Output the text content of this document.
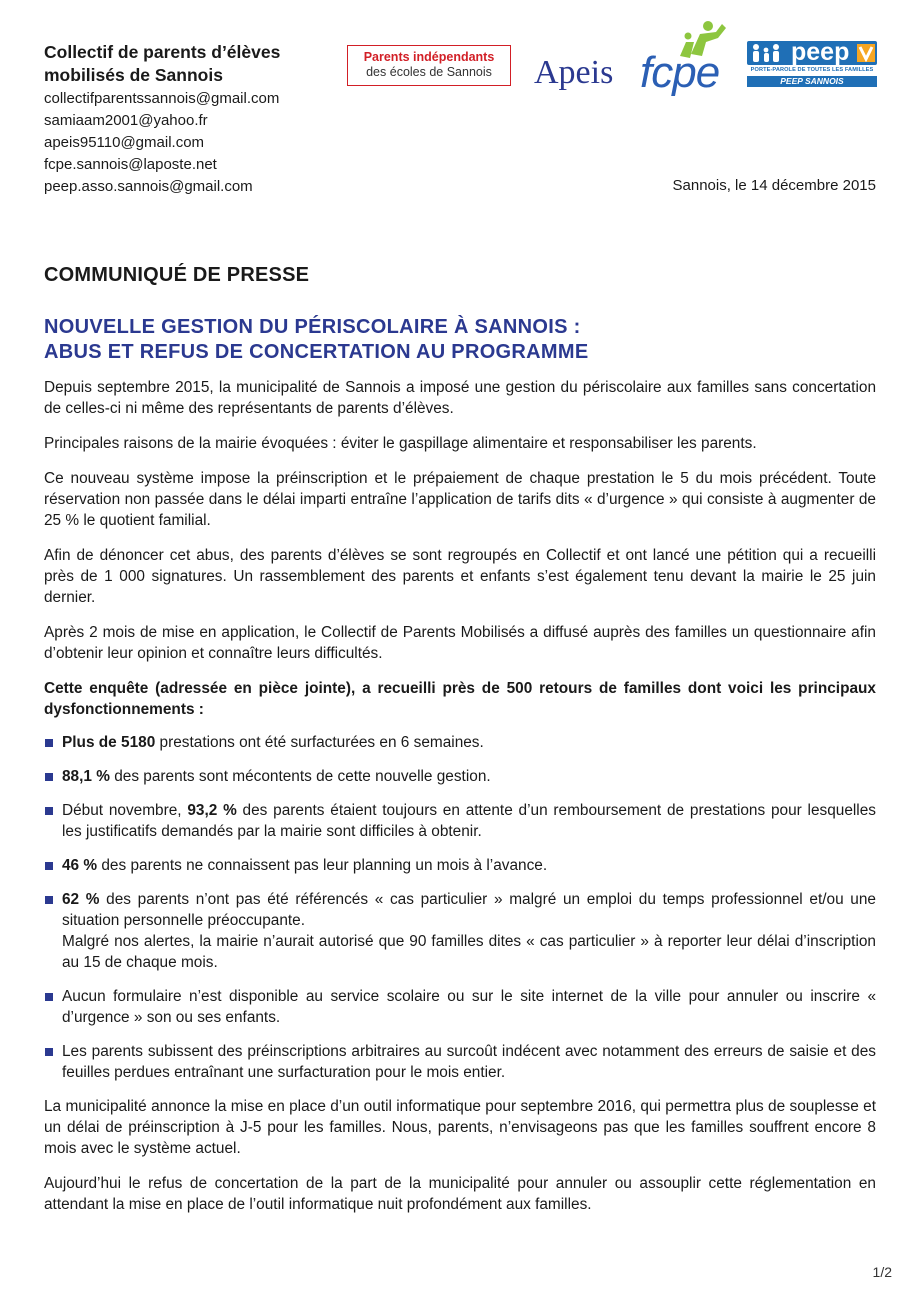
Collectif de parents d’élèves
mobilisés de Sannois
collectifparentssannois@gmail.com
samiaam2001@yahoo.fr
apeis95110@gmail.com
fcpe.sannois@laposte.net
peep.asso.sannois@gmail.com	Sannois, le 14 décembre 2015
Parents indépendants
des écoles de Sannois	Apeis fcpe	peep
PORTE-PAROLE DE TOUTES LES FAMILLES
PEEP SANNOIS
COMMUNIQUÉ DE PRESSE
NOUVELLE GESTION DU PÉRISCOLAIRE À SANNOIS :
ABUS ET REFUS DE CONCERTATION AU PROGRAMME

Depuis septembre 2015, la municipalité de Sannois a imposé une gestion du périscolaire aux familles sans concertation de celles-ci ni même des représentants de parents d’élèves.

Principales raisons de la mairie évoquées : éviter le gaspillage alimentaire et responsabiliser les parents.

Ce nouveau système impose la préinscription et le prépaiement de chaque prestation le 5 du mois précédent. Toute réservation non passée dans le délai imparti entraîne l’application de tarifs dits « d’urgence » qui consiste à augmenter de 25 % le quotient familial.

Afin de dénoncer cet abus, des parents d’élèves se sont regroupés en Collectif et ont lancé une pétition qui a recueilli près de 1 000 signatures. Un rassemblement des parents et enfants s’est également tenu devant la mairie le 25 juin dernier.

Après 2 mois de mise en application, le Collectif de Parents Mobilisés a diffusé auprès des familles un questionnaire afin d’obtenir leur opinion et connaître leurs difficultés.

Cette enquête (adressée en pièce jointe), a recueilli près de 500 retours de familles dont voici les principaux dysfonctionnements :

Plus de 5180 prestations ont été surfacturées en 6 semaines.
88,1 % des parents sont mécontents de cette nouvelle gestion.
Début novembre, 93,2 % des parents étaient toujours en attente d’un remboursement de prestations pour lesquelles les justificatifs demandés par la mairie sont difficiles à obtenir.
46 % des parents ne connaissent pas leur planning un mois à l’avance.
62 % des parents n’ont pas été référencés « cas particulier » malgré un emploi du temps professionnel et/ou une situation personnelle préoccupante.
Malgré nos alertes, la mairie n’aurait autorisé que 90 familles dites « cas particulier » à reporter leur délai d’inscription au 15 de chaque mois.
Aucun formulaire n’est disponible au service scolaire ou sur le site internet de la ville pour annuler ou inscrire « d’urgence » son ou ses enfants.
Les parents subissent des préinscriptions arbitraires au surcoût indécent avec notamment des erreurs de saisie et des feuilles perdues entraînant une surfacturation pour le mois entier.

La municipalité annonce la mise en place d’un outil informatique pour septembre 2016, qui permettra plus de souplesse et un délai de préinscription à J-5 pour les familles. Nous, parents, n’envisageons pas que les familles souffrent encore 8 mois avec le système actuel.

Aujourd’hui le refus de concertation de la part de la municipalité pour annuler ou assouplir cette réglementation en attendant la mise en place de l’outil informatique nuit profondément aux familles.

1/2
